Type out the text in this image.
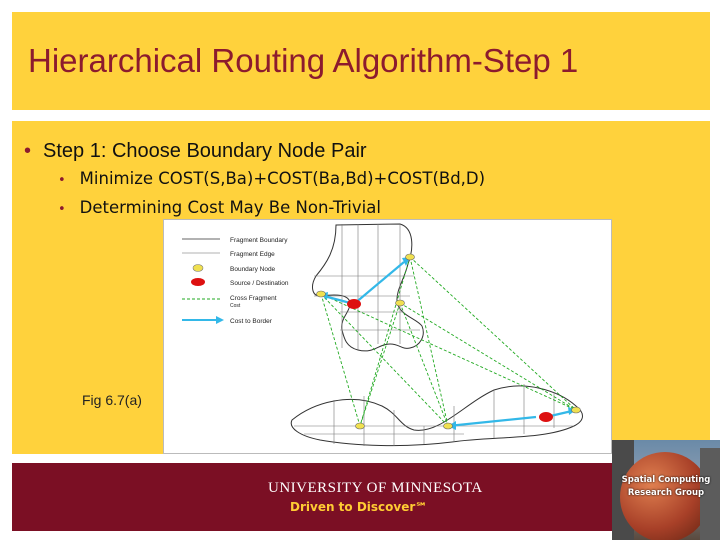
Hierarchical Routing Algorithm-Step 1
• Step 1: Choose Boundary Node Pair
• Minimize COST(S,Ba)+COST(Ba,Bd)+COST(Bd,D)
• Determining Cost May Be Non-Trivial
Fragment Boundary
Fragment Edge
Boundary Node
Source / Destination
Cross Fragment
Cost
Cost to Border
Fig 6.7(a)
UNIVERSITY OF MINNESOTA
Driven to Discover℠
Spatial Computing
Research Group
